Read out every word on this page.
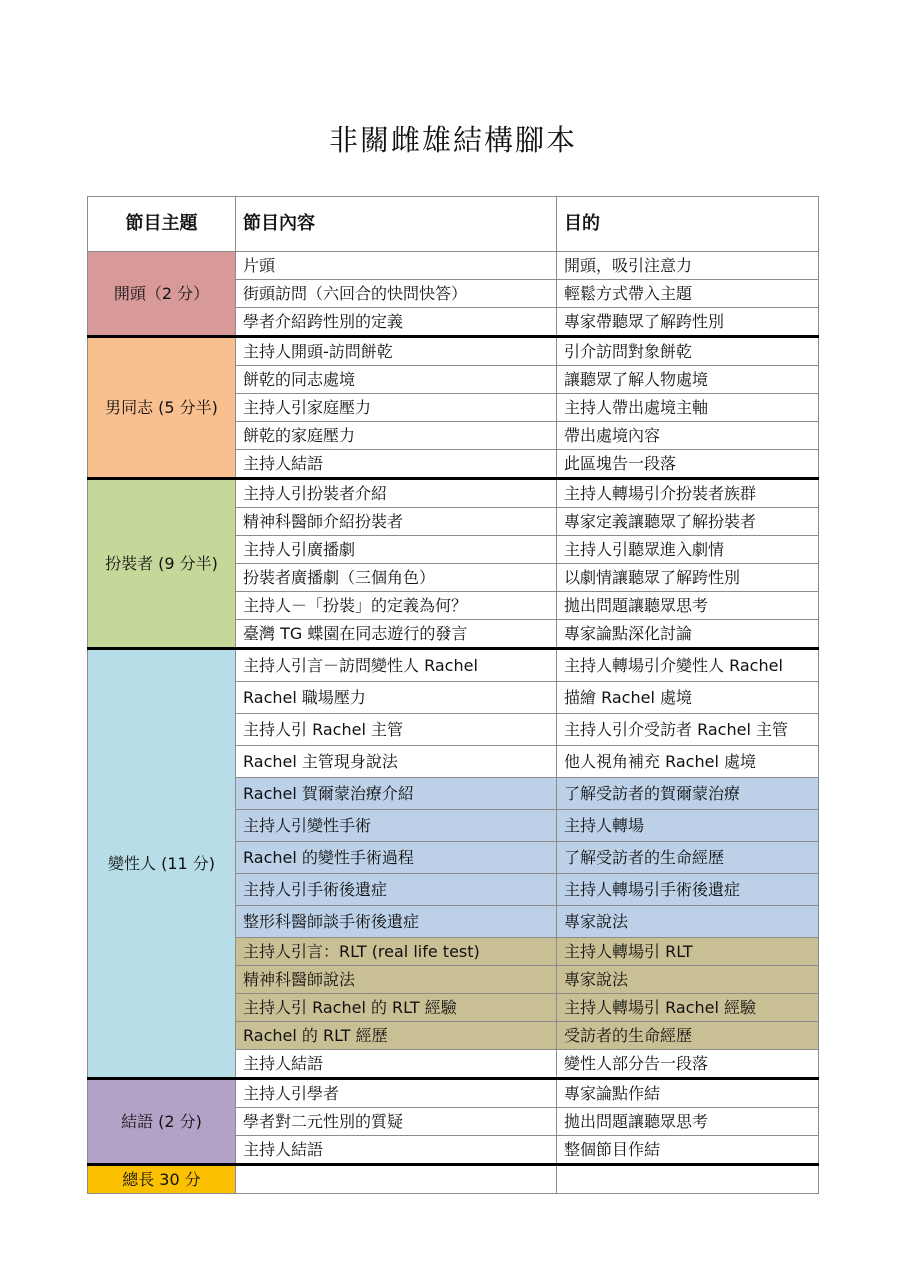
非關雌雄結構腳本
節目主題	節目內容	目的
開頭（2 分）	片頭	開頭，吸引注意力
	街頭訪問（六回合的快問快答）	輕鬆方式帶入主題
	學者介紹跨性別的定義	專家帶聽眾了解跨性別
男同志 (5 分半)	主持人開頭-訪問餅乾	引介訪問對象餅乾
	餅乾的同志處境	讓聽眾了解人物處境
	主持人引家庭壓力	主持人帶出處境主軸
	餅乾的家庭壓力	帶出處境內容
	主持人結語	此區塊告一段落
扮裝者 (9 分半)	主持人引扮裝者介紹	主持人轉場引介扮裝者族群
	精神科醫師介紹扮裝者	專家定義讓聽眾了解扮裝者
	主持人引廣播劇	主持人引聽眾進入劇情
	扮裝者廣播劇（三個角色）	以劇情讓聽眾了解跨性別
	主持人－「扮裝」的定義為何？	拋出問題讓聽眾思考
	臺灣 TG 蝶園在同志遊行的發言	專家論點深化討論
變性人 (11 分)	主持人引言－訪問變性人 Rachel	主持人轉場引介變性人 Rachel
	Rachel 職場壓力	描繪 Rachel 處境
	主持人引 Rachel 主管	主持人引介受訪者 Rachel 主管
	Rachel 主管現身說法	他人視角補充 Rachel 處境
	Rachel 賀爾蒙治療介紹	了解受訪者的賀爾蒙治療
	主持人引變性手術	主持人轉場
	Rachel 的變性手術過程	了解受訪者的生命經歷
	主持人引手術後遺症	主持人轉場引手術後遺症
	整形科醫師談手術後遺症	專家說法
	主持人引言：RLT (real life test)	主持人轉場引 RLT
	精神科醫師說法	專家說法
	主持人引 Rachel 的 RLT 經驗	主持人轉場引 Rachel 經驗
	Rachel 的 RLT 經歷	受訪者的生命經歷
	主持人結語	變性人部分告一段落
結語 (2 分)	主持人引學者	專家論點作結
	學者對二元性別的質疑	拋出問題讓聽眾思考
	主持人結語	整個節目作結
總長 30 分		
